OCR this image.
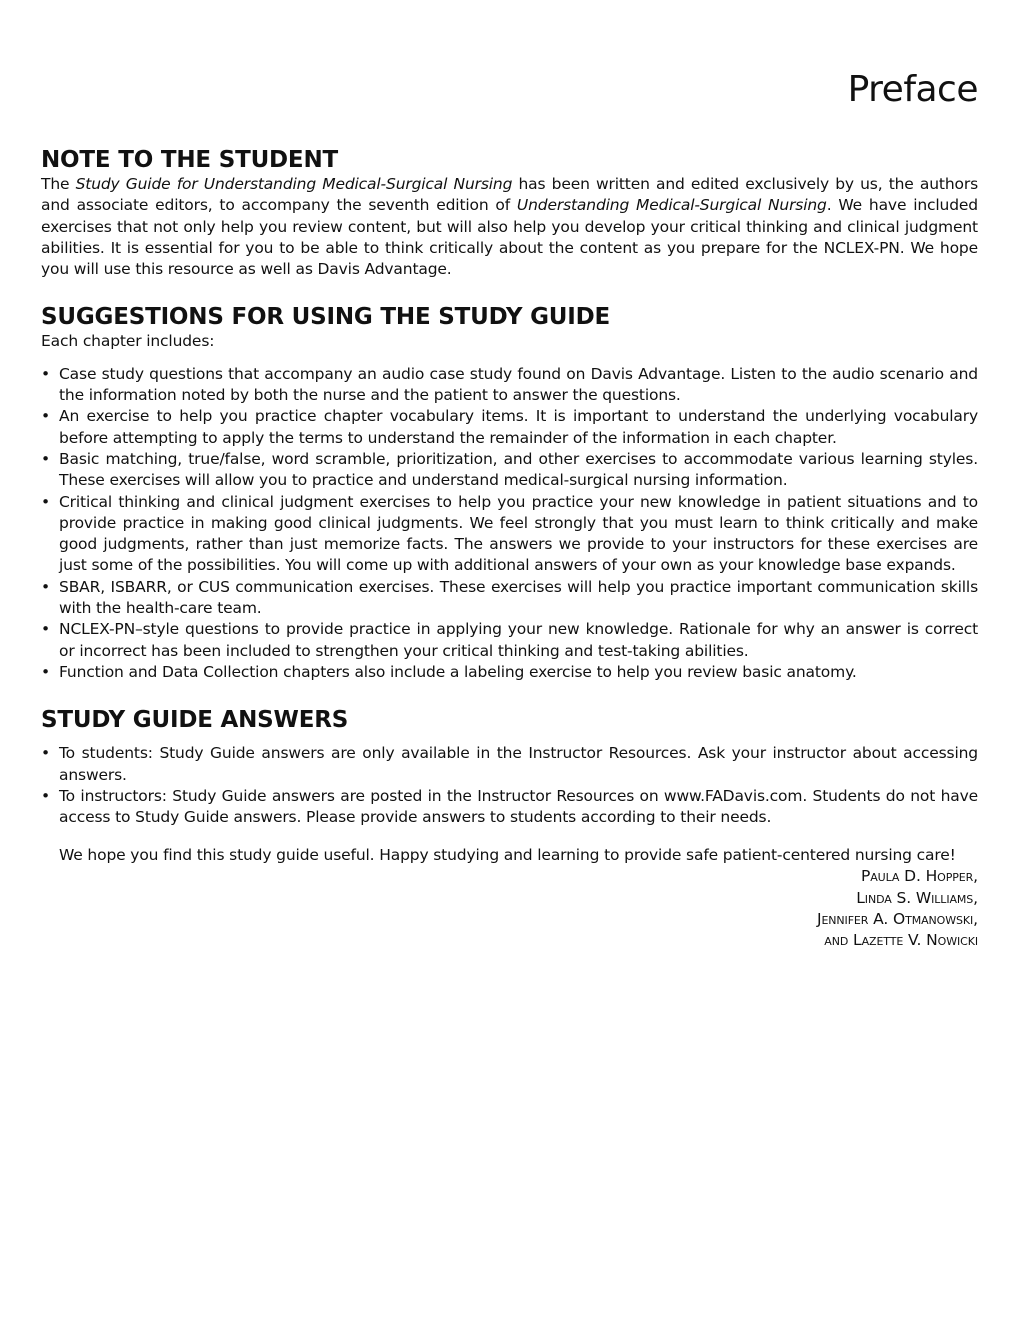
Preface
NOTE TO THE STUDENT

The Study Guide for Understanding Medical-Surgical Nursing has been written and edited exclusively by us, the authors and associate editors, to accompany the seventh edition of Understanding Medical-Surgical Nursing. We have included exercises that not only help you review content, but will also help you develop your critical thinking and clinical judgment abilities. It is essential for you to be able to think critically about the content as you prepare for the NCLEX-PN. We hope you will use this resource as well as Davis Advantage.

SUGGESTIONS FOR USING THE STUDY GUIDE

Each chapter includes:

• Case study questions that accompany an audio case study found on Davis Advantage. Listen to the audio scenario and the information noted by both the nurse and the patient to answer the questions.
• An exercise to help you practice chapter vocabulary items. It is important to understand the underlying vocabulary before attempting to apply the terms to understand the remainder of the information in each chapter.
• Basic matching, true/false, word scramble, prioritization, and other exercises to accommodate various learning styles. These exercises will allow you to practice and understand medical-surgical nursing information.
• Critical thinking and clinical judgment exercises to help you practice your new knowledge in patient situations and to provide practice in making good clinical judgments. We feel strongly that you must learn to think critically and make good judgments, rather than just memorize facts. The answers we provide to your instructors for these exercises are just some of the possibilities. You will come up with additional answers of your own as your knowledge base expands.
• SBAR, ISBARR, or CUS communication exercises. These exercises will help you practice important communication skills with the health-care team.
• NCLEX-PN–style questions to provide practice in applying your new knowledge. Rationale for why an answer is correct or incorrect has been included to strengthen your critical thinking and test-taking abilities.
• Function and Data Collection chapters also include a labeling exercise to help you review basic anatomy.
STUDY GUIDE ANSWERS
• To students: Study Guide answers are only available in the Instructor Resources. Ask your instructor about accessing answers.
• To instructors: Study Guide answers are posted in the Instructor Resources on www.FADavis.com. Students do not have access to Study Guide answers. Please provide answers to students according to their needs.

We hope you find this study guide useful. Happy studying and learning to provide safe patient-centered nursing care!

Paula D. Hopper,
Linda S. Williams,
Jennifer A. Otmanowski,
and Lazette V. Nowicki
